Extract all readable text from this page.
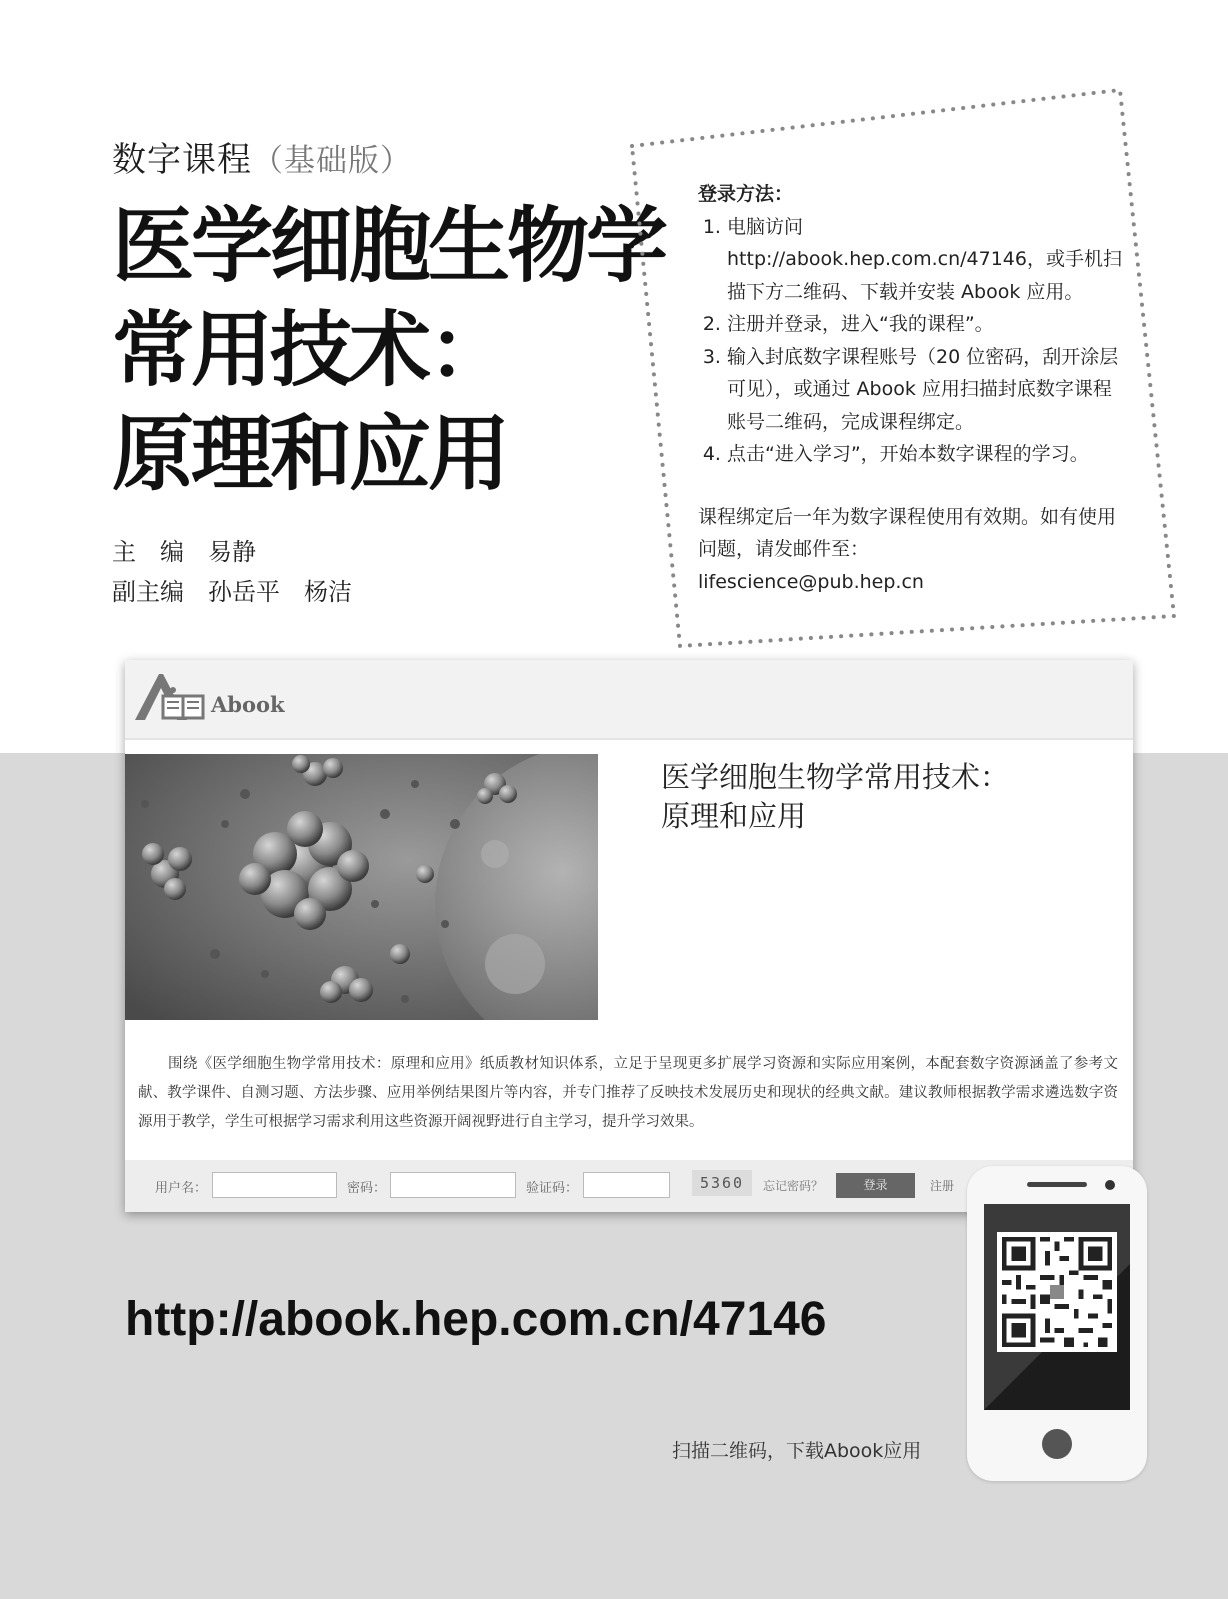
数字课程（基础版）
医学细胞生物学
常用技术：
原理和应用
主　编　易静
副主编　孙岳平　杨洁
登录方法：
1. 电脑访问 http://abook.hep.com.cn/47146，或手机扫描下方二维码、下载并安装 Abook 应用。
2. 注册并登录，进入“我的课程”。
3. 输入封底数字课程账号（20 位密码，刮开涂层可见），或通过 Abook 应用扫描封底数字课程账号二维码，完成课程绑定。
4. 点击“进入学习”，开始本数字课程的学习。
课程绑定后一年为数字课程使用有效期。如有使用问题，请发邮件至：
lifescience@pub.hep.cn
Abook
医学细胞生物学常用技术：
原理和应用
围绕《医学细胞生物学常用技术：原理和应用》纸质教材知识体系，立足于呈现更多扩展学习资源和实际应用案例，本配套数字资源涵盖了参考文献、教学课件、自测习题、方法步骤、应用举例结果图片等内容，并专门推荐了反映技术发展历史和现状的经典文献。建议教师根据教学需求遴选数字资源用于教学，学生可根据学习需求利用这些资源开阔视野进行自主学习，提升学习效果。
用户名：	密码：	验证码：	5360	忘记密码？	登录	注册
http://abook.hep.com.cn/47146
扫描二维码，下载Abook应用
